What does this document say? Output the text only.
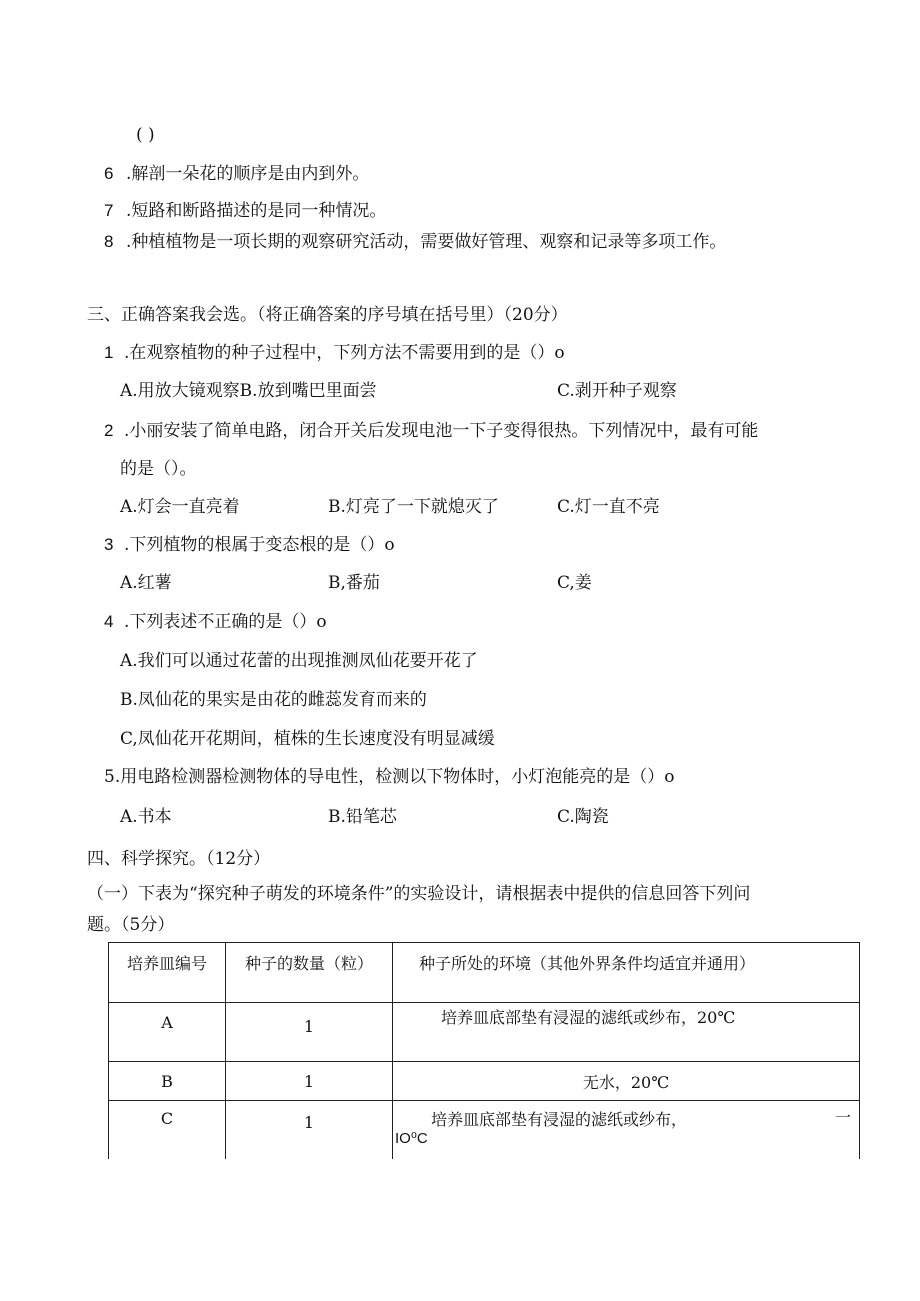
( )
6 .解剖一朵花的顺序是由内到外。
7 .短路和断路描述的是同一种情况。
8 .种植植物是一项长期的观察研究活动，需要做好管理、观察和记录等多项工作。
三、正确答案我会选。（将正确答案的序号填在括号里）（20分）
1 .在观察植物的种子过程中，下列方法不需要用到的是（）o
A.用放大镜观察B.放到嘴巴里面尝	C.剥开种子观察
2 .小丽安装了简单电路，闭合开关后发现电池一下子变得很热。下列情况中，最有可能
的是（）。
A.灯会一直亮着	B.灯亮了一下就熄灭了	C.灯一直不亮
3 .下列植物的根属于变态根的是（）o
A.红薯	B,番茄	C,姜
4 .下列表述不正确的是（）o
A.我们可以通过花蕾的出现推测凤仙花要开花了
B.凤仙花的果实是由花的雌蕊发育而来的
C,凤仙花开花期间，植株的生长速度没有明显减缓
5.用电路检测器检测物体的导电性，检测以下物体时，小灯泡能亮的是（）o
A.书本	B.铅笔芯	C.陶瓷
四、科学探究。（12分）
（一）下表为“探究种子萌发的环境条件”的实验设计，请根据表中提供的信息回答下列问
题。（5分）
培养皿编号	种子的数量（粒）	种子所处的环境（其他外界条件均适宜并通用）
A	1	培养皿底部垫有浸湿的滤纸或纱布，20℃
B	1	无水，20℃
C	1	培养皿底部垫有浸湿的滤纸或纱布， 一
IO⁰C
